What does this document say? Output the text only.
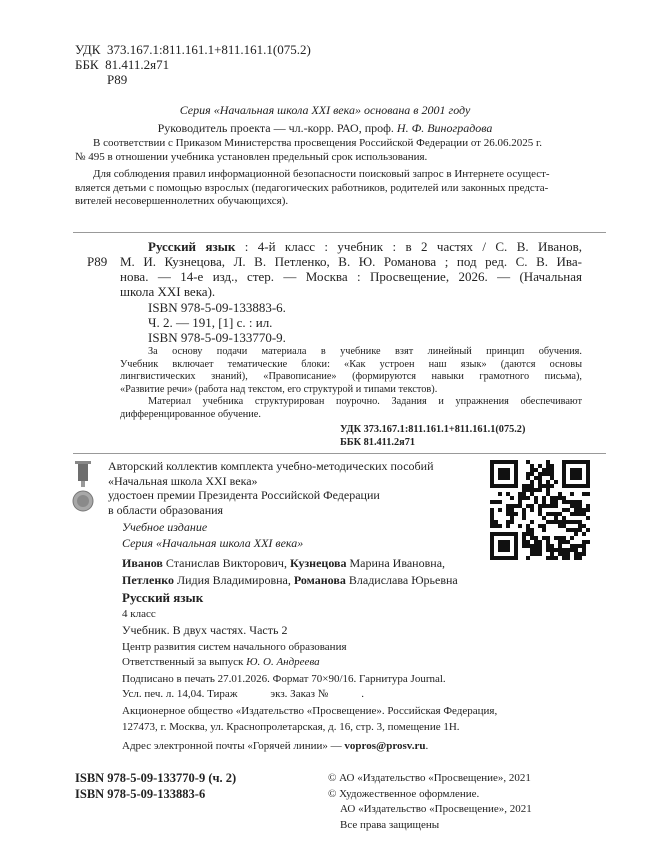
УДК 373.167.1:811.161.1+811.161.1(075.2)
ББК 81.411.2я71
Р89
Серия «Начальная школа XXI века» основана в 2001 году
Руководитель проекта — чл.-корр. РАО, проф. Н. Ф. Виноградова
В соответствии с Приказом Министерства просвещения Российской Федерации от 26.06.2025 г.
№ 495 в отношении учебника установлен предельный срок использования.
Для соблюдения правил информационной безопасности поисковый запрос в Интернете осущест-
вляется детьми с помощью взрослых (педагогических работников, родителей или законных предста-
вителей несовершеннолетних обучающихся).
Р89
Русский язык : 4-й класс : учебник : в 2 частях / С. В. Иванов,
М. И. Кузнецова, Л. В. Петленко, В. Ю. Романова ; под ред. С. В. Ива-
нова. — 14-е изд., стер. — Москва : Просвещение, 2026. — (Начальная
школа XXI века).
ISBN 978-5-09-133883-6.
Ч. 2. — 191, [1] с. : ил.
ISBN 978-5-09-133770-9.
За основу подачи материала в учебнике взят линейный принцип обучения.
Учебник включает тематические блоки: «Как устроен наш язык» (даются основы
лингвистических знаний), «Правописание» (формируются навыки грамотного письма),
«Развитие речи» (работа над текстом, его структурой и типами текстов).
Материал учебника структурирован поурочно. Задания и упражнения обеспечивают
дифференцированное обучение.
УДК 373.167.1:811.161.1+811.161.1(075.2)
ББК 81.411.2я71
Авторский коллектив комплекта учебно-методических пособий
«Начальная школа XXI века»
удостоен премии Президента Российской Федерации
в области образования
Учебное издание
Серия «Начальная школа XXI века»
Иванов Станислав Викторович, Кузнецова Марина Ивановна,
Петленко Лидия Владимировна, Романова Владислава Юрьевна
Русский язык
4 класс
Учебник. В двух частях. Часть 2
Центр развития систем начального образования
Ответственный за выпуск Ю. О. Андреева
Подписано в печать 27.01.2026. Формат 70×90/16. Гарнитура Journal.
Усл. печ. л. 14,04. Тираж            экз. Заказ №            .
Акционерное общество «Издательство «Просвещение». Российская Федерация,
127473, г. Москва, ул. Краснопролетарская, д. 16, стр. 3, помещение 1Н.
Адрес электронной почты «Горячей линии» — vopros@prosv.ru.
ISBN 978-5-09-133770-9 (ч. 2)
ISBN 978-5-09-133883-6
© АО «Издательство «Просвещение», 2021
© Художественное оформление.
АО «Издательство «Просвещение», 2021
Все права защищены
